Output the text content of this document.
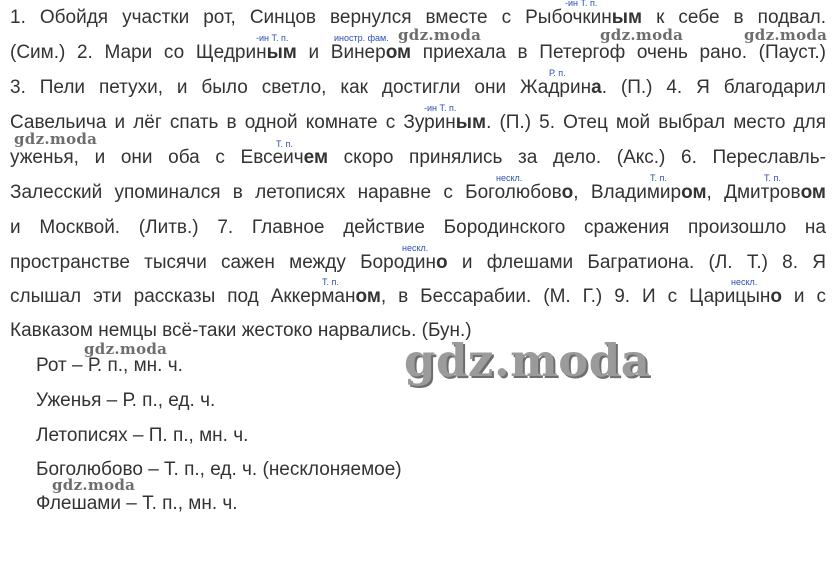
-ин Т. п.
-ин Т. п.	иностр. фам.
Р. п.
-ин Т. п.
Т. п.
нескл.	Т. п.	Т. п.
нескл.
Т. п.	нескл.
1. Обойдя участки рот, Синцов вернулся вместе с Рыбочкиным к себе в подвал.
(Сим.) 2. Мари со Щедриным и Винером приехала в Петергоф очень рано. (Пауст.)
3. Пели петухи, и было светло, как достигли они Жадрина. (П.) 4. Я благодарил
Савельича и лёг спать в одной комнате с Зуриным. (П.) 5. Отец мой выбрал место для
уженья, и они оба с Евсеичем скоро принялись за дело. (Акс.) 6. Переславль-
Залесский упоминался в летописях наравне с Боголюбово, Владимиром, Дмитровом
и Москвой. (Литв.) 7. Главное действие Бородинского сражения произошло на
пространстве тысячи сажен между Бородино и флешами Багратиона. (Л. Т.) 8. Я
слышал эти рассказы под Аккерманом, в Бессарабии. (М. Г.) 9. И с Царицыно и с
Кавказом немцы всё-таки жестоко нарвались. (Бун.)
Рот – Р. п., мн. ч.
Уженья – Р. п., ед. ч.
Летописях – П. п., мн. ч.
Боголюбово – Т. п., ед. ч. (несклоняемое)
Флешами – Т. п., мн. ч.
gdz.moda	gdz.moda	gdz.moda
gdz.moda
gdz.moda
gdz.moda
gdz.moda
